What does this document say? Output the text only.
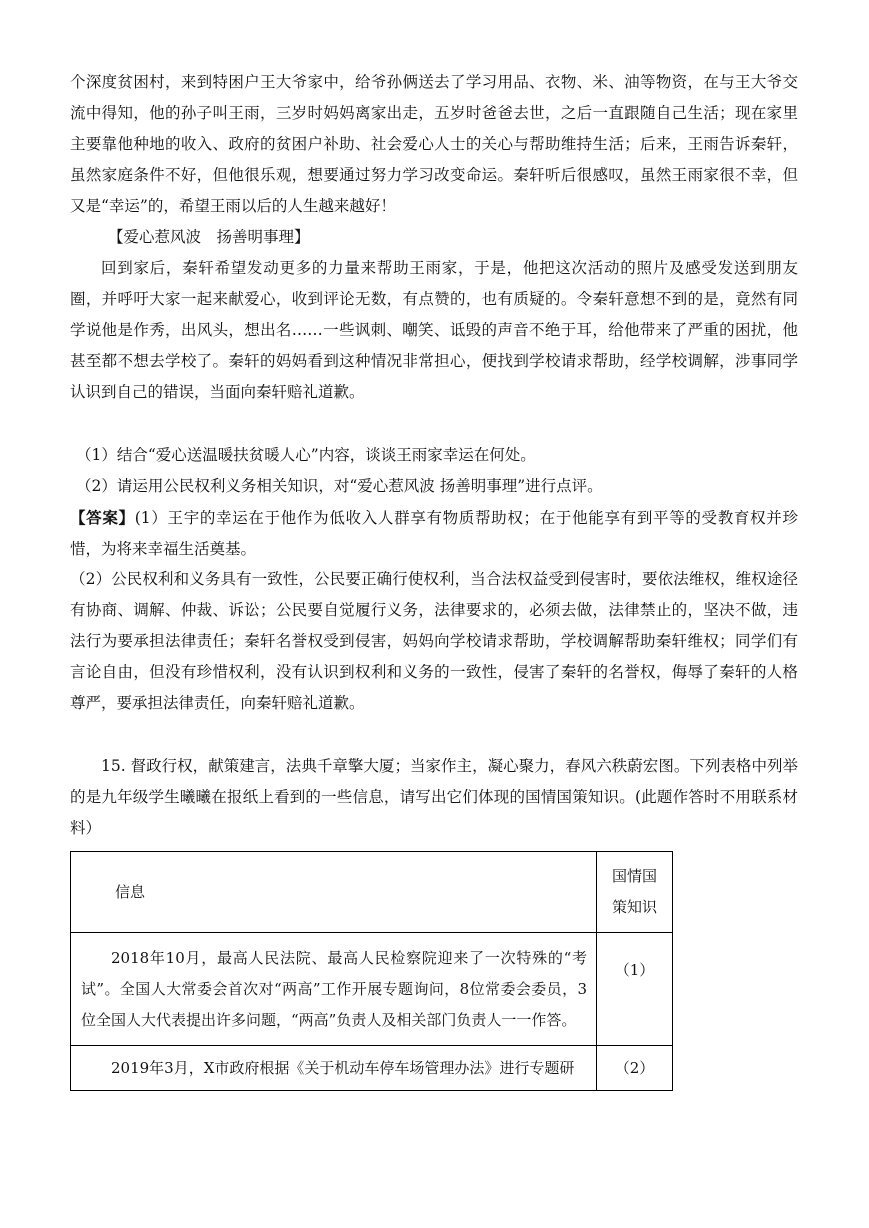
个深度贫困村，来到特困户王大爷家中，给爷孙俩送去了学习用品、衣物、米、油等物资，在与王大爷交流中得知，他的孙子叫王雨，三岁时妈妈离家出走，五岁时爸爸去世，之后一直跟随自己生活；现在家里主要靠他种地的收入、政府的贫困户补助、社会爱心人士的关心与帮助维持生活；后来，王雨告诉秦轩，虽然家庭条件不好，但他很乐观，想要通过努力学习改变命运。秦轩听后很感叹，虽然王雨家很不幸，但又是“幸运”的，希望王雨以后的人生越来越好！

【爱心惹风波　扬善明事理】

回到家后，秦轩希望发动更多的力量来帮助王雨家，于是，他把这次活动的照片及感受发送到朋友圈，并呼吁大家一起来献爱心，收到评论无数，有点赞的，也有质疑的。令秦轩意想不到的是，竟然有同学说他是作秀，出风头，想出名……一些讽刺、嘲笑、诋毁的声音不绝于耳，给他带来了严重的困扰，他甚至都不想去学校了。秦轩的妈妈看到这种情况非常担心，便找到学校请求帮助，经学校调解，涉事同学认识到自己的错误，当面向秦轩赔礼道歉。

（1）结合“爱心送温暖扶贫暖人心”内容，谈谈王雨家幸运在何处。

（2）请运用公民权利义务相关知识，对“爱心惹风波 扬善明事理”进行点评。

【答案】(1）王宇的幸运在于他作为低收入人群享有物质帮助权；在于他能享有到平等的受教育权并珍惜，为将来幸福生活奠基。

（2）公民权利和义务具有一致性，公民要正确行使权利，当合法权益受到侵害时，要依法维权，维权途径有协商、调解、仲裁、诉讼；公民要自觉履行义务，法律要求的，必须去做，法律禁止的，坚决不做，违法行为要承担法律责任；秦轩名誉权受到侵害，妈妈向学校请求帮助，学校调解帮助秦轩维权；同学们有言论自由，但没有珍惜权利，没有认识到权利和义务的一致性，侵害了秦轩的名誉权，侮辱了秦轩的人格尊严，要承担法律责任，向秦轩赔礼道歉。

15. 督政行权，献策建言，法典千章擎大厦；当家作主，凝心聚力，春风六秩蔚宏图。下列表格中列举的是九年级学生曦曦在报纸上看到的一些信息，请写出它们体现的国情国策知识。(此题作答时不用联系材料）

信息	国情国
策知识

2018年10月，最高人民法院、最高人民检察院迎来了一次特殊的“考试”。全国人大常委会首次对“两高”工作开展专题询问，8位常委会委员，3位全国人大代表提出许多问题，“两高”负责人及相关部门负责人一一作答。	（1）

2019年3月，X市政府根据《关于机动车停车场管理办法》进行专题研	（2）
